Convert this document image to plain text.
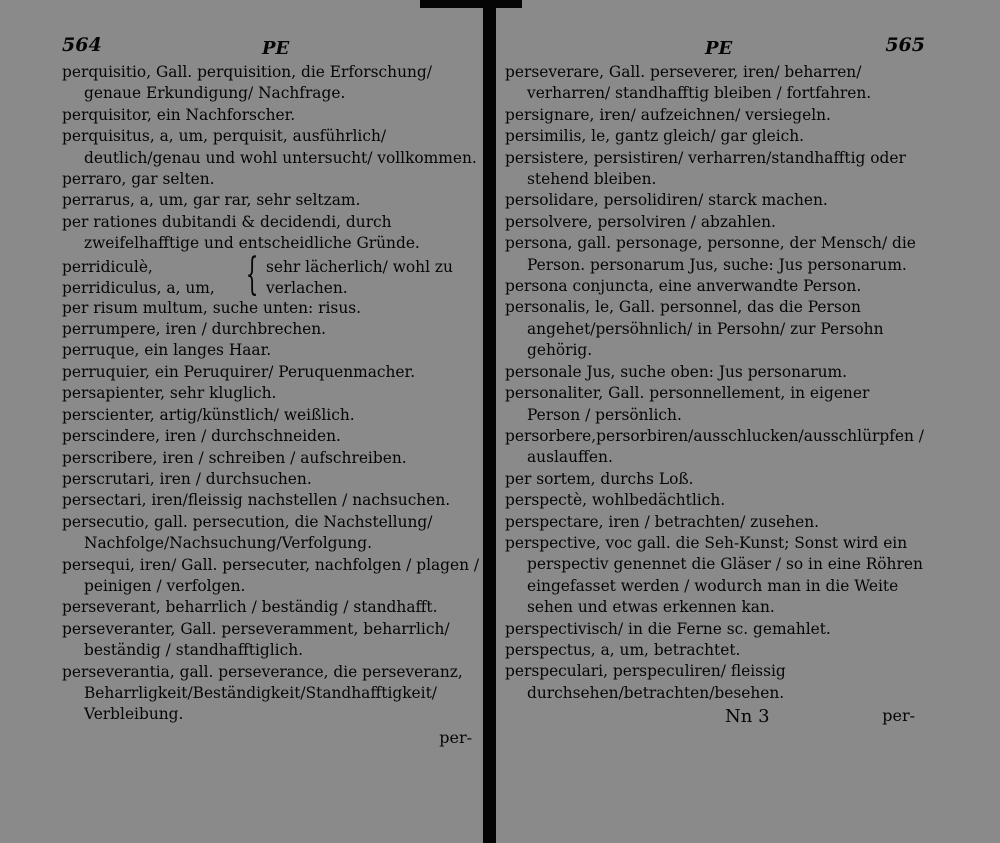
564	PE
perquisitio, Gall. perquisition, die Erforschung/ genaue Erkundigung/ Nachfrage.
perquisitor, ein Nachforscher.
perquisitus, a, um, perquisit, ausführlich/ deutlich/genau und wohl untersucht/ vollkommen.
perraro, gar selten.
perrarus, a, um, gar rar, sehr seltzam.
per rationes dubitandi & decidendi, durch zweifelhafftige und entscheidliche Gründe.
perridiculè,
perridiculus, a, um, { sehr lächerlich/ wohl zu verlachen.
per risum multum, suche unten: risus.
perrumpere, iren / durchbrechen.
perruque, ein langes Haar.
perruquier, ein Peruquirer/ Peruquenmacher.
persapienter, sehr kluglich.
perscienter, artig/künstlich/ weißlich.
perscindere, iren / durchschneiden.
perscribere, iren / schreiben / aufschreiben.
perscrutari, iren / durchsuchen.
persectari, iren/fleissig nachstellen / nachsuchen.
persecutio, gall. persecution, die Nachstellung/ Nachfolge/Nachsuchung/Verfolgung.
persequi, iren/ Gall. persecuter, nachfolgen / plagen / peinigen / verfolgen.
perseverant, beharrlich / beständig / standhafft.
perseveranter, Gall. perseveramment, beharrlich/ beständig / standhafftiglich.
perseverantia, gall. perseverance, die perseveranz, Beharrligkeit/Beständigkeit/Standhafftigkeit/ Verbleibung.
per-
PE	565
perseverare, Gall. perseverer, iren/ beharren/ verharren/ standhafftig bleiben / fortfahren.
persignare, iren/ aufzeichnen/ versiegeln.
persimilis, le, gantz gleich/ gar gleich.
persistere, persistiren/ verharren/standhafftig oder stehend bleiben.
persolidare, persolidiren/ starck machen.
persolvere, persolviren / abzahlen.
persona, gall. personage, personne, der Mensch/ die Person. personarum Jus, suche: Jus personarum.
persona conjuncta, eine anverwandte Person.
personalis, le, Gall. personnel, das die Person angehet/persöhnlich/ in Persohn/ zur Persohn gehörig.
personale Jus, suche oben: Jus personarum.
personaliter, Gall. personnellement, in eigener Person / persönlich.
persorbere,persorbiren/ausschlucken/ausschlürpfen / auslauffen.
per sortem, durchs Loß.
perspectè, wohlbedächtlich.
perspectare, iren / betrachten/ zusehen.
perspective, voc gall. die Seh-Kunst; Sonst wird ein perspectiv genennet die Gläser / so in eine Röhren eingefasset werden / wodurch man in die Weite sehen und etwas erkennen kan.
perspectivisch/ in die Ferne sc. gemahlet.
perspectus, a, um, betrachtet.
perspeculari, perspeculiren/ fleissig durchsehen/betrachten/besehen.
Nn 3	per-
